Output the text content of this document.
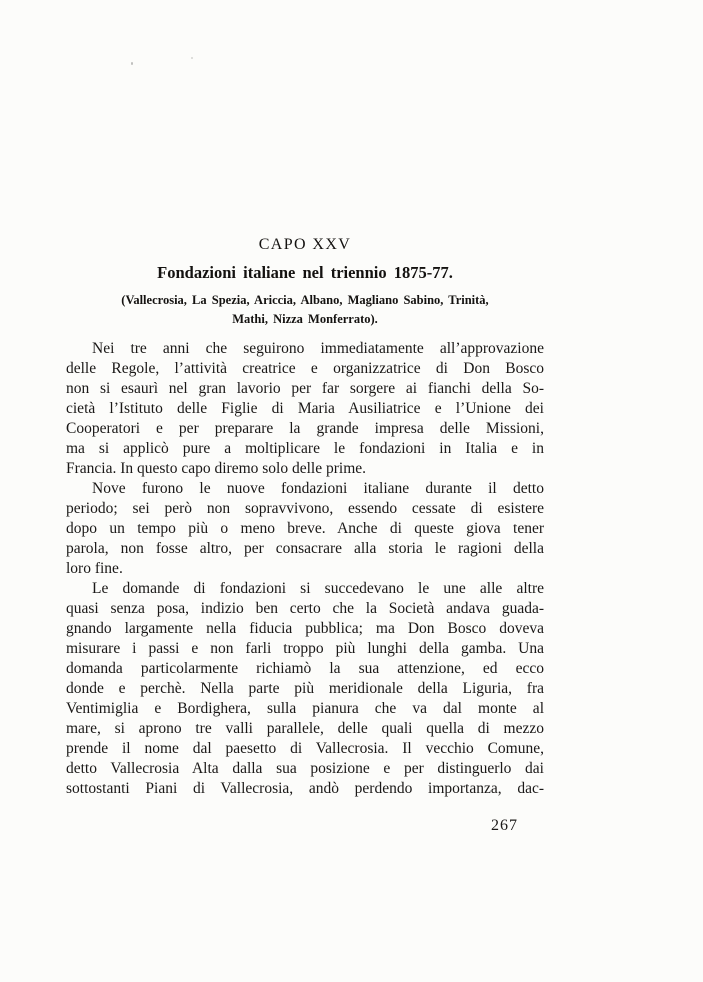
CAPO XXV
Fondazioni italiane nel triennio 1875-77.
(Vallecrosia, La Spezia, Ariccia, Albano, Magliano Sabino, Trinità,
Mathi, Nizza Monferrato).
Nei tre anni che seguirono immediatamente all’approvazione
delle Regole, l’attività creatrice e organizzatrice di Don Bosco
non si esaurì nel gran lavorio per far sorgere ai fianchi della So-
cietà l’Istituto delle Figlie di Maria Ausiliatrice e l’Unione dei
Cooperatori e per preparare la grande impresa delle Missioni,
ma si applicò pure a moltiplicare le fondazioni in Italia e in
Francia. In questo capo diremo solo delle prime.
Nove furono le nuove fondazioni italiane durante il detto
periodo; sei però non sopravvivono, essendo cessate di esistere
dopo un tempo più o meno breve. Anche di queste giova tener
parola, non fosse altro, per consacrare alla storia le ragioni della
loro fine.
Le domande di fondazioni si succedevano le une alle altre
quasi senza posa, indizio ben certo che la Società andava guada-
gnando largamente nella fiducia pubblica; ma Don Bosco doveva
misurare i passi e non farli troppo più lunghi della gamba. Una
domanda particolarmente richiamò la sua attenzione, ed ecco
donde e perchè. Nella parte più meridionale della Liguria, fra
Ventimiglia e Bordighera, sulla pianura che va dal monte al
mare, si aprono tre valli parallele, delle quali quella di mezzo
prende il nome dal paesetto di Vallecrosia. Il vecchio Comune,
detto Vallecrosia Alta dalla sua posizione e per distinguerlo dai
sottostanti Piani di Vallecrosia, andò perdendo importanza, dac-
267
